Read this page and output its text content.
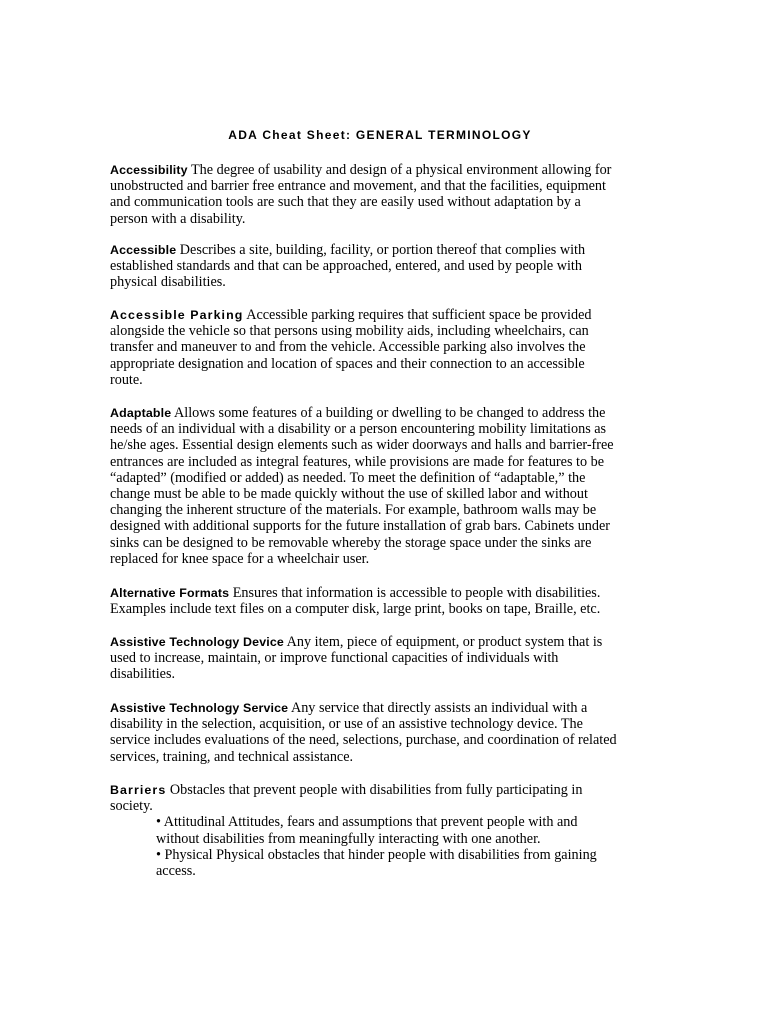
ADA Cheat Sheet: GENERAL TERMINOLOGY

Accessibility The degree of usability and design of a physical environment allowing for
unobstructed and barrier free entrance and movement, and that the facilities, equipment
and communication tools are such that they are easily used without adaptation by a
person with a disability.

Accessible Describes a site, building, facility, or portion thereof that complies with
established standards and that can be approached, entered, and used by people with
physical disabilities.

Accessible Parking Accessible parking requires that sufficient space be provided
alongside the vehicle so that persons using mobility aids, including wheelchairs, can
transfer and maneuver to and from the vehicle. Accessible parking also involves the
appropriate designation and location of spaces and their connection to an accessible
route.

Adaptable Allows some features of a building or dwelling to be changed to address the
needs of an individual with a disability or a person encountering mobility limitations as
he/she ages. Essential design elements such as wider doorways and halls and barrier-free
entrances are included as integral features, while provisions are made for features to be
“adapted” (modified or added) as needed. To meet the definition of “adaptable,” the
change must be able to be made quickly without the use of skilled labor and without
changing the inherent structure of the materials. For example, bathroom walls may be
designed with additional supports for the future installation of grab bars. Cabinets under
sinks can be designed to be removable whereby the storage space under the sinks are
replaced for knee space for a wheelchair user.

Alternative Formats Ensures that information is accessible to people with disabilities.
Examples include text files on a computer disk, large print, books on tape, Braille, etc.

Assistive Technology Device Any item, piece of equipment, or product system that is
used to increase, maintain, or improve functional capacities of individuals with
disabilities.

Assistive Technology Service Any service that directly assists an individual with a
disability in the selection, acquisition, or use of an assistive technology device. The
service includes evaluations of the need, selections, purchase, and coordination of related
services, training, and technical assistance.

Barriers Obstacles that prevent people with disabilities from fully participating in
society.
• Attitudinal Attitudes, fears and assumptions that prevent people with and
without disabilities from meaningfully interacting with one another.
• Physical Physical obstacles that hinder people with disabilities from gaining
access.
